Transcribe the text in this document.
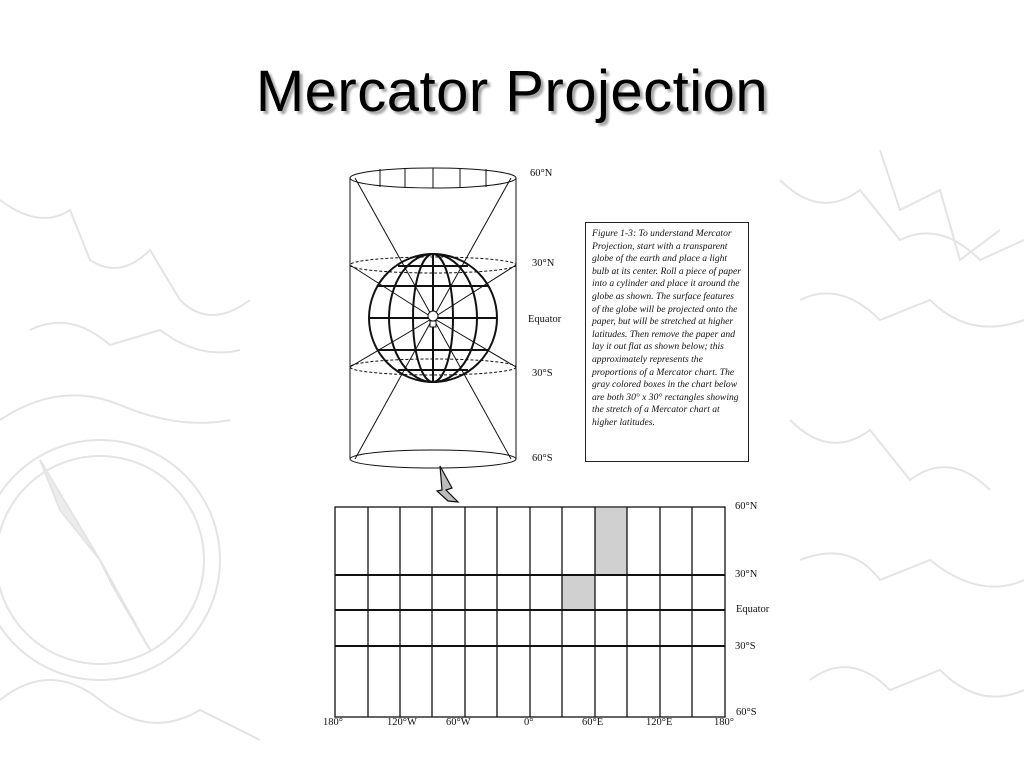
Mercator Projection
60°N
30°N
Equator
30°S
60°S
Figure 1-3: To understand Mercator Projection, start with a transparent globe of the earth and place a light bulb at its center. Roll a piece of paper into a cylinder and place it around the globe as shown. The surface features of the globe will be projected onto the paper, but will be stretched at higher latitudes. Then remove the paper and lay it out flat as shown below; this approximately represents the proportions of a Mercator chart. The gray colored boxes in the chart below are both 30° x 30° rectangles showing the stretch of a Mercator chart at higher latitudes.
60°N
30°N
Equator
30°S
60°S
180°	120°W	60°W	0°	60°E	120°E	180°
